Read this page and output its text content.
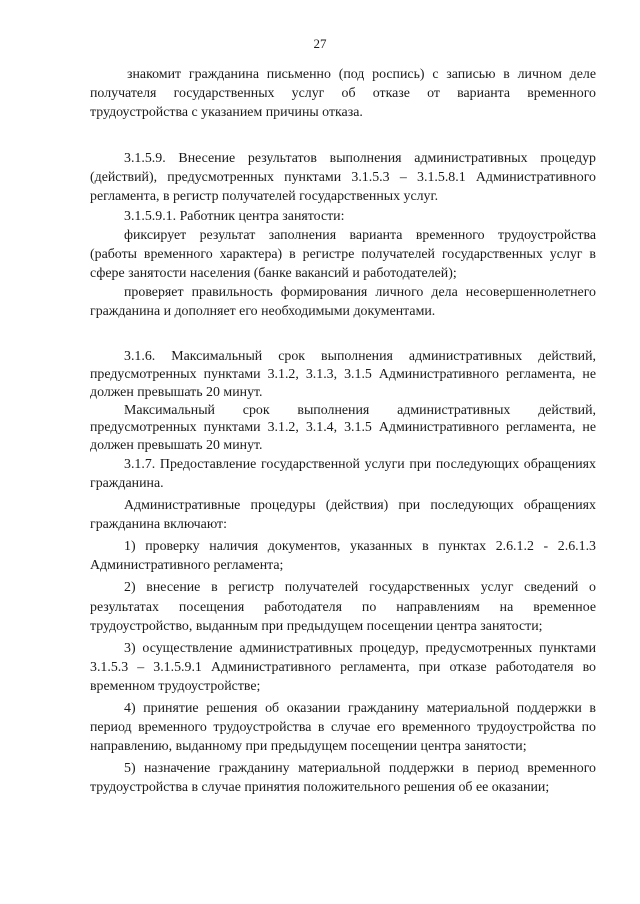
27

знакомит гражданина письменно (под роспись) с записью в личном деле получателя государственных услуг об отказе от варианта временного трудоустройства с указанием причины отказа.

3.1.5.9. Внесение результатов выполнения административных процедур (действий), предусмотренных пунктами 3.1.5.3 – 3.1.5.8.1 Административного регламента, в регистр получателей государственных услуг.

3.1.5.9.1. Работник центра занятости:

фиксирует результат заполнения варианта временного трудоустройства (работы временного характера) в регистре получателей государственных услуг в сфере занятости населения (банке вакансий и работодателей);

проверяет правильность формирования личного дела несовершеннолетнего гражданина и дополняет его необходимыми документами.

3.1.6. Максимальный срок выполнения административных действий, предусмотренных пунктами 3.1.2, 3.1.3, 3.1.5 Административного регламента, не должен превышать 20 минут.

Максимальный срок выполнения административных действий, предусмотренных пунктами 3.1.2, 3.1.4, 3.1.5 Административного регламента, не должен превышать 20 минут.

3.1.7. Предоставление государственной услуги при последующих обращениях гражданина.

Административные процедуры (действия) при последующих обращениях гражданина включают:

1) проверку наличия документов, указанных в пунктах 2.6.1.2 - 2.6.1.3 Административного регламента;

2) внесение в регистр получателей государственных услуг сведений о результатах посещения работодателя по направлениям на временное трудоустройство, выданным при предыдущем посещении центра занятости;

3) осуществление административных процедур, предусмотренных пунктами 3.1.5.3 – 3.1.5.9.1 Административного регламента, при отказе работодателя во временном трудоустройстве;

4) принятие решения об оказании гражданину материальной поддержки в период временного трудоустройства в случае его временного трудоустройства по направлению, выданному при предыдущем посещении центра занятости;

5) назначение гражданину материальной поддержки в период временного трудоустройства в случае принятия положительного решения об ее оказании;
